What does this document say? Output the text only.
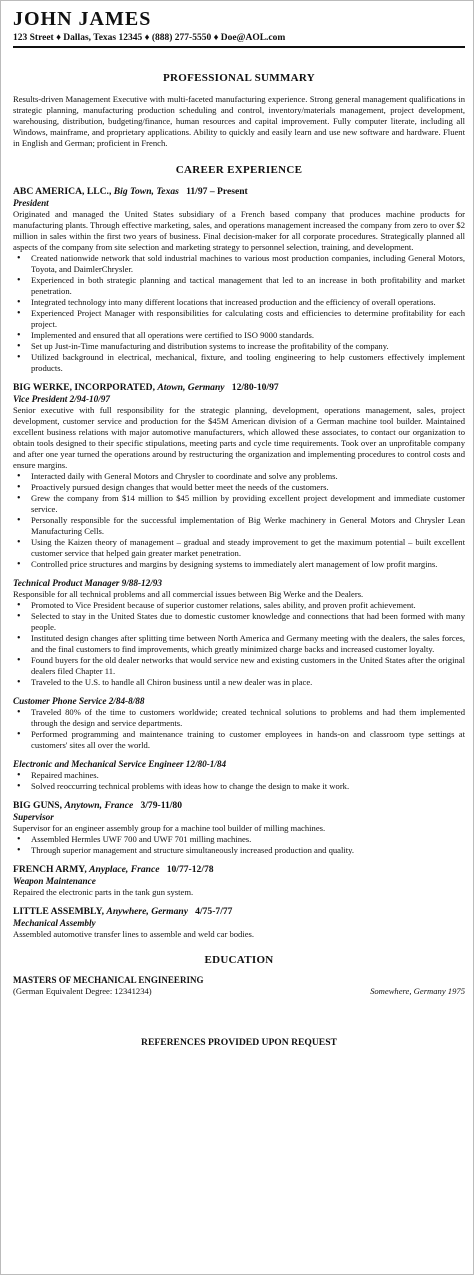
JOHN JAMES
123 Street ♦ Dallas, Texas 12345 ♦ (888) 277-5550 ♦ Doe@AOL.com
PROFESSIONAL SUMMARY

Results-driven Management Executive with multi-faceted manufacturing experience. Strong general management qualifications in strategic planning, manufacturing production scheduling and control, inventory/materials management, project development, warehousing, distribution, budgeting/finance, human resources and capital improvement. Fully computer literate, including all Windows, mainframe, and proprietary applications. Ability to quickly and easily learn and use new software and hardware. Fluent in English and German; proficient in French.

CAREER EXPERIENCE

ABC AMERICA, LLC., Big Town, Texas 11/97 – Present

President

Originated and managed the United States subsidiary of a French based company that produces machine products for manufacturing plants. Through effective marketing, sales, and operations management increased the company from zero to over $2 million in sales within the first two years of business. Final decision-maker for all corporate procedures. Strategically planned all aspects of the company from site selection and marketing strategy to personnel selection, training, and development.

• Created nationwide network that sold industrial machines to various most production companies, including General Motors, Toyota, and DaimlerChrysler.
• Experienced in both strategic planning and tactical management that led to an increase in both profitability and market penetration.
• Integrated technology into many different locations that increased production and the efficiency of overall operations.
• Experienced Project Manager with responsibilities for calculating costs and efficiencies to determine profitability for each project.
• Implemented and ensured that all operations were certified to ISO 9000 standards.
• Set up Just-in-Time manufacturing and distribution systems to increase the profitability of the company.
• Utilized background in electrical, mechanical, fixture, and tooling engineering to help customers effectively implement products.

BIG WERKE, INCORPORATED, Atown, Germany 12/80-10/97

Vice President 2/94-10/97

Senior executive with full responsibility for the strategic planning, development, operations management, sales, project development, customer service and production for the $45M American division of a German machine tool builder. Maintained excellent business relations with major automotive manufacturers, which allowed these associates, to contact our organization to obtain tools designed to their specific stipulations, meeting parts and cycle time requirements. Took over an unprofitable company and after one year turned the operations around by restructuring the organization and implementing procedures to control costs and ensure margins.

• Interacted daily with General Motors and Chrysler to coordinate and solve any problems.
• Proactively pursued design changes that would better meet the needs of the customers.
• Grew the company from $14 million to $45 million by providing excellent project development and immediate customer service.
• Personally responsible for the successful implementation of Big Werke machinery in General Motors and Chrysler Lean Manufacturing Cells.
• Using the Kaizen theory of management – gradual and steady improvement to get the maximum potential – built excellent customer service that helped gain greater market penetration.
• Controlled price structures and margins by designing systems to immediately alert management of low profit margins.

Technical Product Manager 9/88-12/93

Responsible for all technical problems and all commercial issues between Big Werke and the Dealers.

• Promoted to Vice President because of superior customer relations, sales ability, and proven profit achievement.
• Selected to stay in the United States due to domestic customer knowledge and connections that had been formed with many people.
• Instituted design changes after splitting time between North America and Germany meeting with the dealers, the sales forces, and the final customers to find improvements, which greatly minimized charge backs and increased customer loyalty.
• Found buyers for the old dealer networks that would service new and existing customers in the United States after the original dealers filed Chapter 11.
• Traveled to the U.S. to handle all Chiron business until a new dealer was in place.

Customer Phone Service 2/84-8/88

• Traveled 80% of the time to customers worldwide; created technical solutions to problems and had them implemented through the design and service departments.
• Performed programming and maintenance training to customer employees in hands-on and classroom type settings at customers' sites all over the world.

Electronic and Mechanical Service Engineer 12/80-1/84

• Repaired machines.
• Solved reoccurring technical problems with ideas how to change the design to make it work.

BIG GUNS, Anytown, France 3/79-11/80

Supervisor

Supervisor for an engineer assembly group for a machine tool builder of milling machines.

• Assembled Hermles UWF 700 and UWF 701 milling machines.
• Through superior management and structure simultaneously increased production and quality.

FRENCH ARMY, Anyplace, France 10/77-12/78

Weapon Maintenance

Repaired the electronic parts in the tank gun system.

LITTLE ASSEMBLY, Anywhere, Germany 4/75-7/77

Mechanical Assembly

Assembled automotive transfer lines to assemble and weld car bodies.

EDUCATION

MASTERS OF MECHANICAL ENGINEERING

(German Equivalent Degree: 12341234)	Somewhere, Germany 1975

REFERENCES PROVIDED UPON REQUEST
